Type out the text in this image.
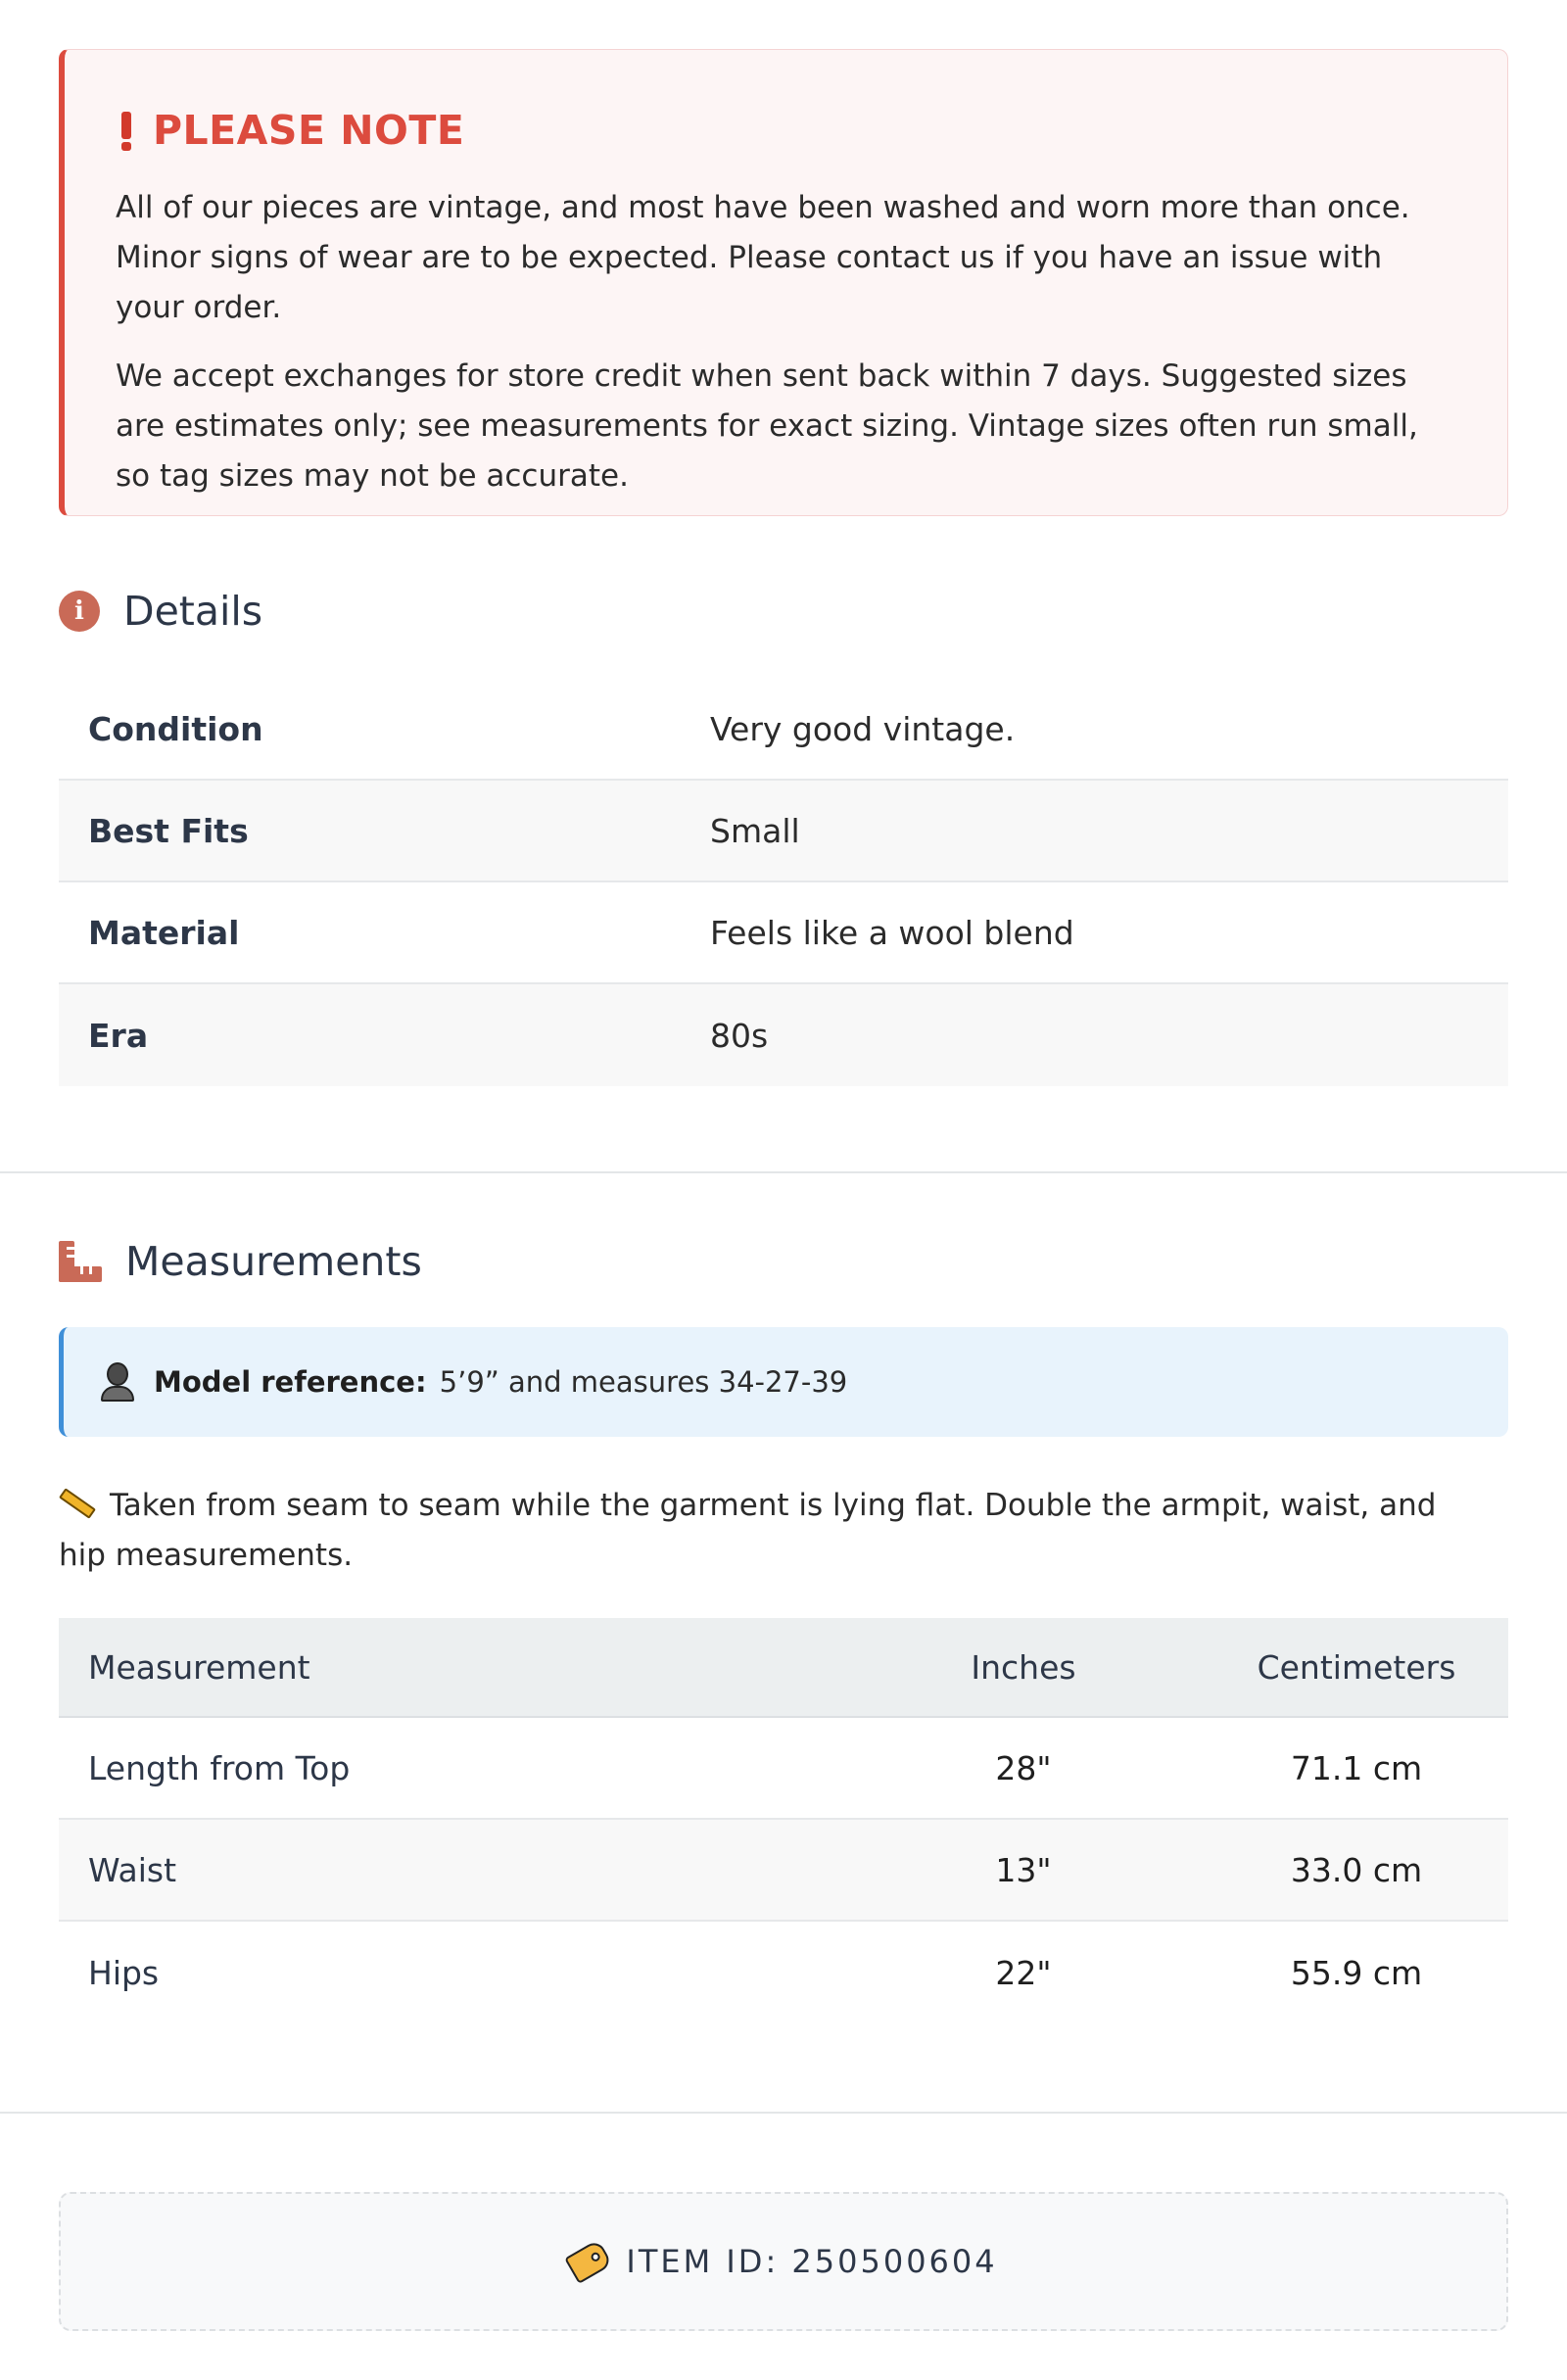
PLEASE NOTE

All of our pieces are vintage, and most have been washed and worn more than once. Minor signs of wear are to be expected. Please contact us if you have an issue with your order.

We accept exchanges for store credit when sent back within 7 days. Suggested sizes are estimates only; see measurements for exact sizing. Vintage sizes often run small, so tag sizes may not be accurate.

i Details
Condition	Very good vintage.
Best Fits	Small
Material	Feels like a wool blend
Era	80s
Measurements
Model reference: 5’9” and measures 34-27-39
Taken from seam to seam while the garment is lying flat. Double the armpit, waist, and hip measurements.
Measurement	Inches	Centimeters
Length from Top	28"	71.1 cm
Waist	13"	33.0 cm
Hips	22"	55.9 cm
ITEM ID: 250500604
